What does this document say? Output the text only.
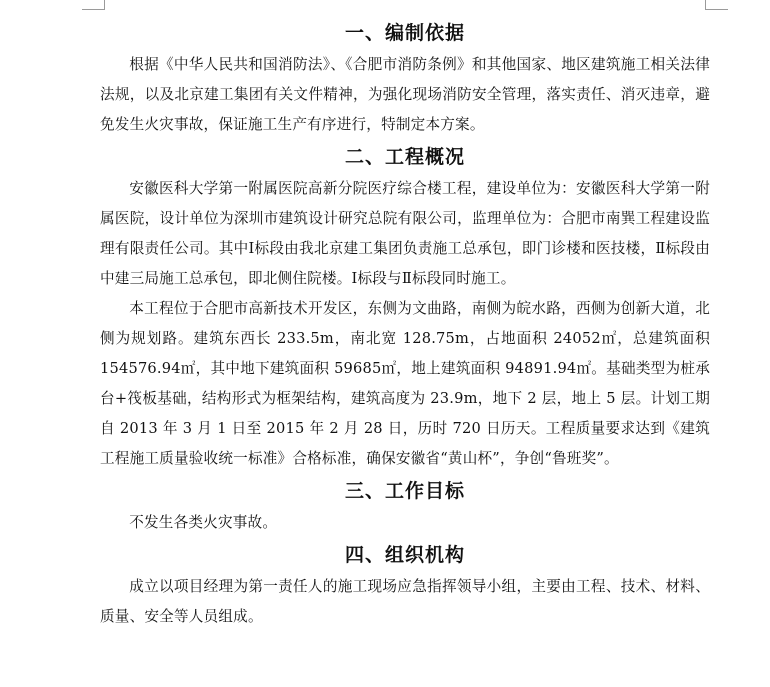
一、编制依据

根据《中华人民共和国消防法》、《合肥市消防条例》和其他国家、地区建筑施工相关法律法规，以及北京建工集团有关文件精神，为强化现场消防安全管理，落实责任、消灭违章，避免发生火灾事故，保证施工生产有序进行，特制定本方案。

二、工程概况

安徽医科大学第一附属医院高新分院医疗综合楼工程，建设单位为：安徽医科大学第一附属医院，设计单位为深圳市建筑设计研究总院有限公司，监理单位为：合肥市南巽工程建设监理有限责任公司。其中Ⅰ标段由我北京建工集团负责施工总承包，即门诊楼和医技楼，Ⅱ标段由中建三局施工总承包，即北侧住院楼。Ⅰ标段与Ⅱ标段同时施工。

本工程位于合肥市高新技术开发区，东侧为文曲路，南侧为皖水路，西侧为创新大道，北侧为规划路。建筑东西长 233.5m，南北宽 128.75m，占地面积 24052㎡，总建筑面积 154576.94㎡，其中地下建筑面积 59685㎡，地上建筑面积 94891.94㎡。基础类型为桩承台+筏板基础，结构形式为框架结构，建筑高度为 23.9m，地下 2 层，地上 5 层。计划工期自 2013 年 3 月 1 日至 2015 年 2 月 28 日，历时 720 日历天。工程质量要求达到《建筑工程施工质量验收统一标准》合格标准，确保安徽省“黄山杯”，争创“鲁班奖”。

三、工作目标

不发生各类火灾事故。

四、组织机构

成立以项目经理为第一责任人的施工现场应急指挥领导小组，主要由工程、技术、材料、质量、安全等人员组成。
